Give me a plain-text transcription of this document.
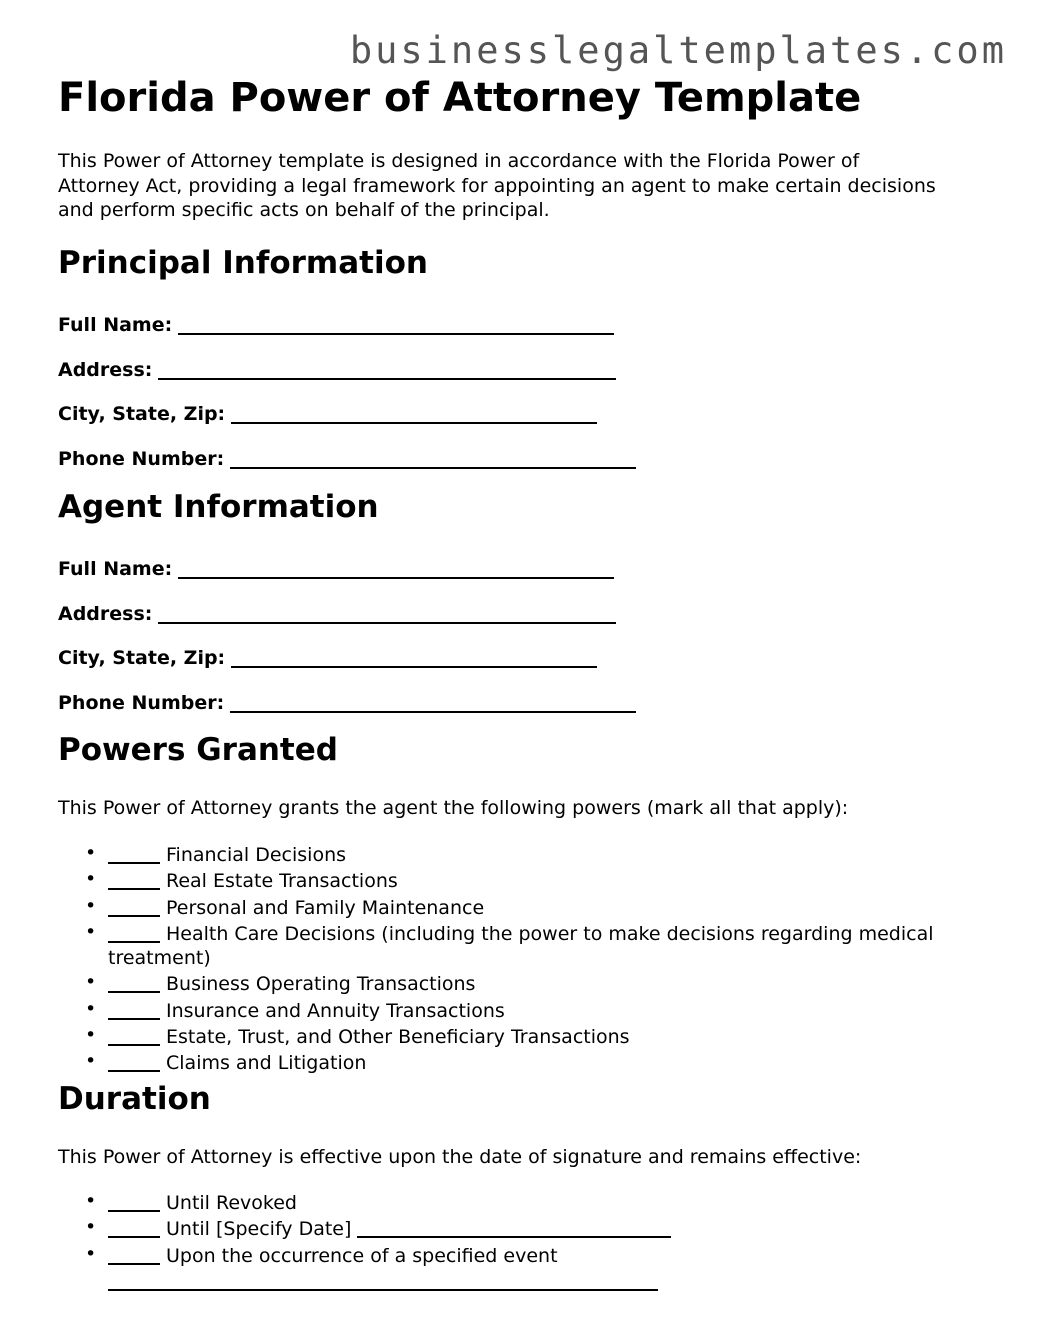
businesslegaltemplates.com
Florida Power of Attorney Template

This Power of Attorney template is designed in accordance with the Florida Power of Attorney Act, providing a legal framework for appointing an agent to make certain decisions and perform specific acts on behalf of the principal.

Principal Information
Full Name:
Address:
City, State, Zip:
Phone Number:
Agent Information
Full Name:
Address:
City, State, Zip:
Phone Number:
Powers Granted

This Power of Attorney grants the agent the following powers (mark all that apply):

• Financial Decisions
• Real Estate Transactions
• Personal and Family Maintenance
• Health Care Decisions (including the power to make decisions regarding medical treatment)
• Business Operating Transactions
• Insurance and Annuity Transactions
• Estate, Trust, and Other Beneficiary Transactions
• Claims and Litigation
Duration

This Power of Attorney is effective upon the date of signature and remains effective:

• Until Revoked
• Until [Specify Date]
• Upon the occurrence of a specified event
